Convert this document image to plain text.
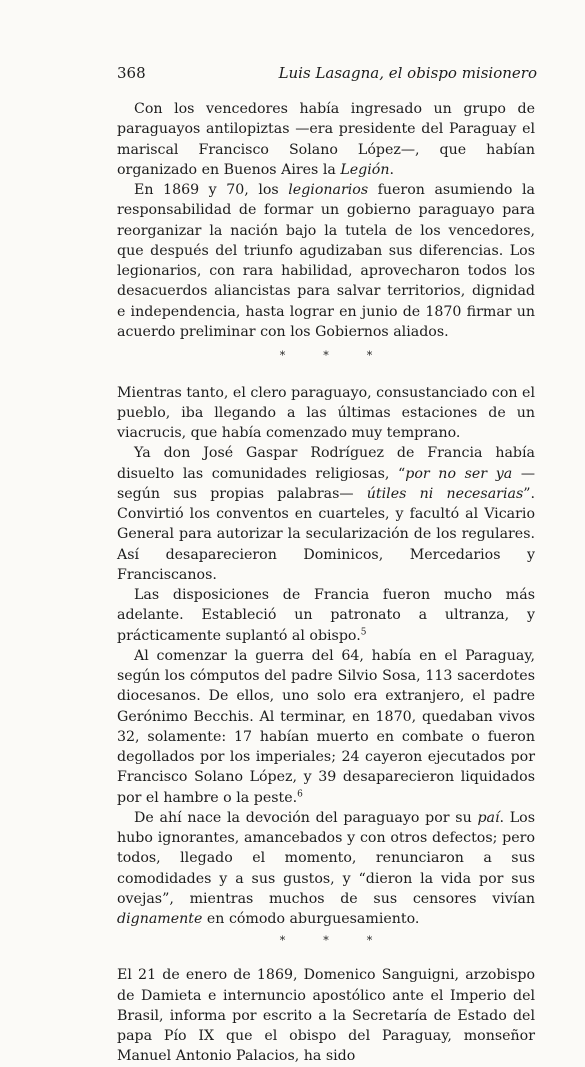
368	Luis Lasagna, el obispo misionero

Con los vencedores había ingresado un grupo de paraguayos antilopiztas —era presidente del Paraguay el mariscal Francisco Solano López—, que habían organizado en Buenos Aires la Legión.

En 1869 y 70, los legionarios fueron asumiendo la responsabilidad de formar un gobierno paraguayo para reorganizar la nación bajo la tutela de los vencedores, que después del triunfo agudizaban sus diferencias. Los legionarios, con rara habilidad, aprovecharon todos los desacuerdos aliancistas para salvar territorios, dignidad e independencia, hasta lograr en junio de 1870 firmar un acuerdo preliminar con los Gobiernos aliados.

*	*	*

Mientras tanto, el clero paraguayo, consustanciado con el pueblo, iba llegando a las últimas estaciones de un viacrucis, que había comenzado muy temprano.

Ya don José Gaspar Rodríguez de Francia había disuelto las comunidades religiosas, “por no ser ya —según sus propias palabras— útiles ni necesarias”. Convirtió los conventos en cuarteles, y facultó al Vicario General para autorizar la secularización de los regulares. Así desaparecieron Dominicos, Mercedarios y Franciscanos.

Las disposiciones de Francia fueron mucho más adelante. Estableció un patronato a ultranza, y prácticamente suplantó al obispo.$^5$

Al comenzar la guerra del 64, había en el Paraguay, según los cómputos del padre Silvio Sosa, 113 sacerdotes diocesanos. De ellos, uno solo era extranjero, el padre Gerónimo Becchis. Al terminar, en 1870, quedaban vivos 32, solamente: 17 habían muerto en combate o fueron degollados por los imperiales; 24 cayeron ejecutados por Francisco Solano López, y 39 desaparecieron liquidados por el hambre o la peste.$^6$

De ahí nace la devoción del paraguayo por su paí. Los hubo ignorantes, amancebados y con otros defectos; pero todos, llegado el momento, renunciaron a sus comodidades y a sus gustos, y “dieron la vida por sus ovejas”, mientras muchos de sus censores vivían dignamente en cómodo aburguesamiento.

*	*	*

El 21 de enero de 1869, Domenico Sanguigni, arzobispo de Damieta e internuncio apostólico ante el Imperio del Brasil, informa por escrito a la Secretaría de Estado del papa Pío IX que el obispo del Paraguay, monseñor Manuel Antonio Palacios, ha sido
